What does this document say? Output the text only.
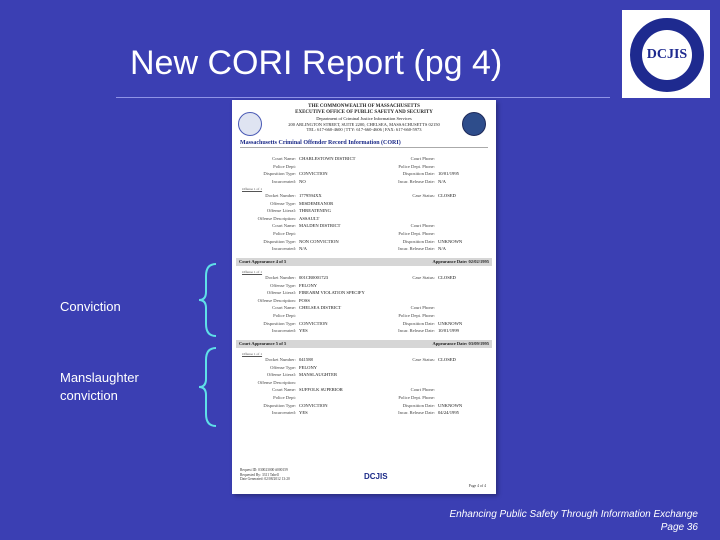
New CORI Report (pg 4)	DCJIS
THE COMMONWEALTH OF MASSACHUSETTS
EXECUTIVE OFFICE OF PUBLIC SAFETY AND SECURITY
Department of Criminal Justice Information Services
200 ARLINGTON STREET, SUITE 2200, CHELSEA, MASSACHUSETTS 02150
TEL: 617-660-4600 | TTY: 617-660-4606 | FAX: 617-660-5973
Massachusetts Criminal Offender Record Information (CORI)
Court Name: CHARLESTOWN DISTRICT	Court Phone:
Police Dept:	Police Dept. Phone:
Disposition Type: CONVICTION	Disposition Date: 10/01/1995
Incarcerated: NO	Incar. Release Date: N/A
Docket Number: 1779594XX	Case Status: CLOSED
Offense Type: MISDEMEANOR
Offense Literal: THREATENING
Offense Description: ASSAULT
Court Name: MALDEN DISTRICT	Court Phone:
Police Dept:	Police Dept. Phone:
Disposition Type: NON CONVICTION	Disposition Date: UNKNOWN
Incarcerated: N/A	Incar. Release Date: N/A
Docket Number: 001CR0001723	Case Status: CLOSED
Offense Type: FELONY
Offense Literal: FIREARM VIOLATION SPECIFY
Offense Description: POSS
Court Name: CHELSEA DISTRICT	Court Phone:
Police Dept:	Police Dept. Phone:
Disposition Type: CONVICTION	Disposition Date: UNKNOWN
Incarcerated: YES	Incar. Release Date: 10/01/1999
Docket Number: 041588	Case Status: CLOSED
Offense Type: FELONY
Offense Literal: MANSLAUGHTER
Offense Description:
Court Name: SUFFOLK SUPERIOR	Court Phone:
Police Dept:	Police Dept. Phone:
Disposition Type: CONVICTION	Disposition Date: UNKNOWN
Incarcerated: YES	Incar. Release Date: 04/24/1995
Court Appearance 4 of 5	Appearance Date: 02/02/1995
Court Appearance 5 of 5	Appearance Date: 03/09/1995
Offense 1 of 1
Offense 1 of 1
Offense 1 of 1
Request ID: 030023000 #000159
Requested By: 3311 Tabell
Date Generated: 02/08/2012 13:20	DCJIS
Page 4 of 4
Conviction
Manslaughter
conviction
Enhancing Public Safety Through Information Exchange
Page 36
